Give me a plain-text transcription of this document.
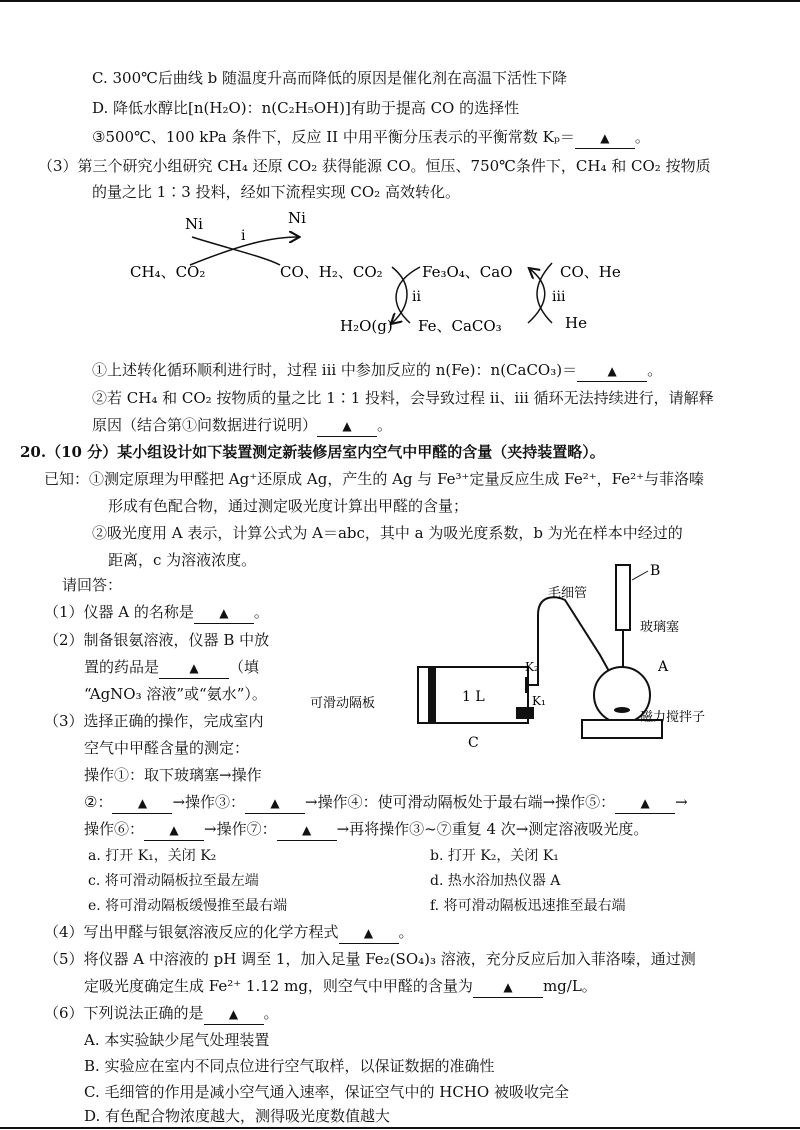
C. 300℃后曲线 b 随温度升高而降低的原因是催化剂在高温下活性下降
D. 降低水醇比[n(H₂O)：n(C₂H₅OH)]有助于提高 CO 的选择性
③500℃、100 kPa 条件下，反应 II 中用平衡分压表示的平衡常数 Kₚ＝ ▲ 。
（3）第三个研究小组研究 CH₄ 还原 CO₂ 获得能源 CO。恒压、750℃条件下，CH₄ 和 CO₂ 按物质
的量之比 1∶3 投料，经如下流程实现 CO₂ 高效转化。
Ni
i
Ni
CH₄、CO₂	CO、H₂、CO₂
ii
Fe₃O₄、CaO
H₂O(g) Fe、CaCO₃
iii
CO、He
He
①上述转化循环顺利进行时，过程 iii 中参加反应的 n(Fe)：n(CaCO₃)＝	▲ 。
②若 CH₄ 和 CO₂ 按物质的量之比 1∶1 投料，会导致过程 ii、iii 循环无法持续进行，请解释
原因（结合第①问数据进行说明） ▲ 。
20.（10 分）某小组设计如下装置测定新装修居室内空气中甲醛的含量（夹持装置略）。
已知：①测定原理为甲醛把 Ag⁺还原成 Ag，产生的 Ag 与 Fe³⁺定量反应生成 Fe²⁺，Fe²⁺与菲洛嗪
形成有色配合物，通过测定吸光度计算出甲醛的含量；
②吸光度用 A 表示，计算公式为 A＝abc，其中 a 为吸光度系数，b 为光在样本中经过的
距离，c 为溶液浓度。
请回答：
（1）仪器 A 的名称是 ▲ 。
（2）制备银氨溶液，仪器 B 中放
置的药品是	▲ （填
“AgNO₃ 溶液”或“氨水”）。
（3）选择正确的操作，完成室内
空气中甲醛含量的测定：
操作①：取下玻璃塞→操作
可滑动隔板	1 L
C
K₁
K₂
毛细管
B
玻璃塞
A
磁力搅拌子
②： ▲ →操作③： ▲ →操作④：使可滑动隔板处于最右端→操作⑤： ▲ →
操作⑥： ▲ →操作⑦： ▲ →再将操作③~⑦重复 4 次→测定溶液吸光度。
a. 打开 K₁，关闭 K₂	b. 打开 K₂，关闭 K₁
c. 将可滑动隔板拉至最左端	d. 热水浴加热仪器 A
e. 将可滑动隔板缓慢推至最右端	f. 将可滑动隔板迅速推至最右端
（4）写出甲醛与银氨溶液反应的化学方程式 ▲ 。
（5）将仪器 A 中溶液的 pH 调至 1，加入足量 Fe₂(SO₄)₃ 溶液，充分反应后加入菲洛嗪，通过测
定吸光度确定生成 Fe²⁺ 1.12 mg，则空气中甲醛的含量为	▲ mg/L。
（6）下列说法正确的是 ▲ 。
A. 本实验缺少尾气处理装置
B. 实验应在室内不同点位进行空气取样，以保证数据的准确性
C. 毛细管的作用是减小空气通入速率，保证空气中的 HCHO 被吸收完全
D. 有色配合物浓度越大，测得吸光度数值越大
